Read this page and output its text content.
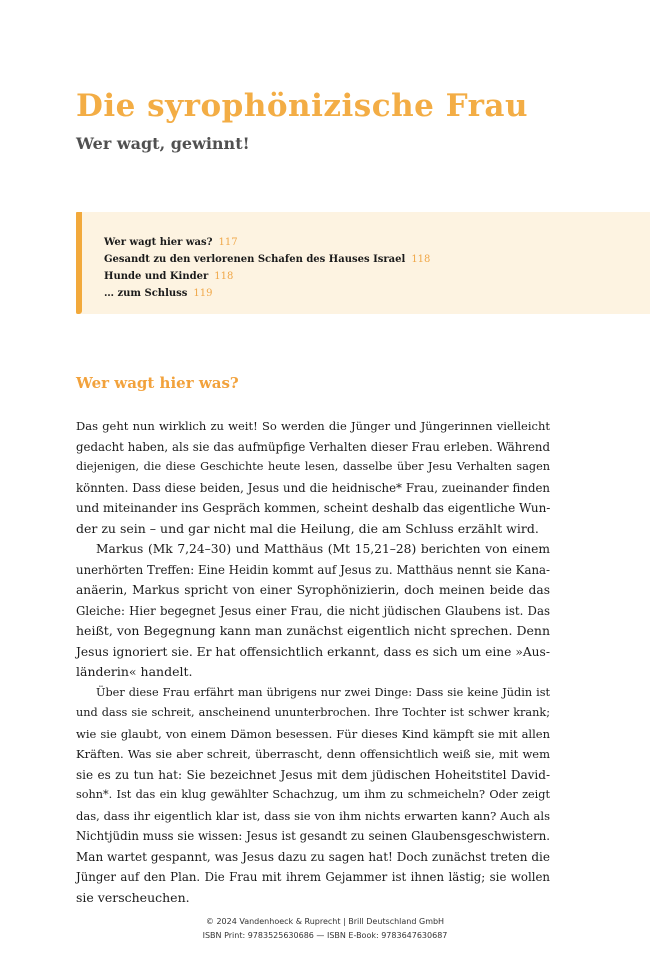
Die syrophönizische Frau
Wer wagt, gewinnt!
Wer wagt hier was? 117
Gesandt zu den verlorenen Schafen des Hauses Israel 118
Hunde und Kinder 118
… zum Schluss 119
Wer wagt hier was?
Das geht nun wirklich zu weit! So werden die Jünger und Jüngerinnen vielleicht
gedacht haben, als sie das aufmüpfige Verhalten dieser Frau erleben. Während
diejenigen, die diese Geschichte heute lesen, dasselbe über Jesu Verhalten sagen
könnten. Dass diese beiden, Jesus und die heidnische* Frau, zueinander finden
und miteinander ins Gespräch kommen, scheint deshalb das eigentliche Wun-
der zu sein – und gar nicht mal die Heilung, die am Schluss erzählt wird.
Markus (Mk 7,24–30) und Matthäus (Mt 15,21–28) berichten von einem
unerhörten Treffen: Eine Heidin kommt auf Jesus zu. Matthäus nennt sie Kana-
anäerin, Markus spricht von einer Syrophönizierin, doch meinen beide das
Gleiche: Hier begegnet Jesus einer Frau, die nicht jüdischen Glaubens ist. Das
heißt, von Begegnung kann man zunächst eigentlich nicht sprechen. Denn
Jesus ignoriert sie. Er hat offensichtlich erkannt, dass es sich um eine »Aus-
länderin« handelt.
Über diese Frau erfährt man übrigens nur zwei Dinge: Dass sie keine Jüdin ist
und dass sie schreit, anscheinend ununterbrochen. Ihre Tochter ist schwer krank;
wie sie glaubt, von einem Dämon besessen. Für dieses Kind kämpft sie mit allen
Kräften. Was sie aber schreit, überrascht, denn offensichtlich weiß sie, mit wem
sie es zu tun hat: Sie bezeichnet Jesus mit dem jüdischen Hoheitstitel David-
sohn*. Ist das ein klug gewählter Schachzug, um ihm zu schmeicheln? Oder zeigt
das, dass ihr eigentlich klar ist, dass sie von ihm nichts erwarten kann? Auch als
Nichtjüdin muss sie wissen: Jesus ist gesandt zu seinen Glaubensgeschwistern.
Man wartet gespannt, was Jesus dazu zu sagen hat! Doch zunächst treten die
Jünger auf den Plan. Die Frau mit ihrem Gejammer ist ihnen lästig; sie wollen
sie verscheuchen.
© 2024 Vandenhoeck & Ruprecht | Brill Deutschland GmbH
ISBN Print: 9783525630686 — ISBN E-Book: 9783647630687
